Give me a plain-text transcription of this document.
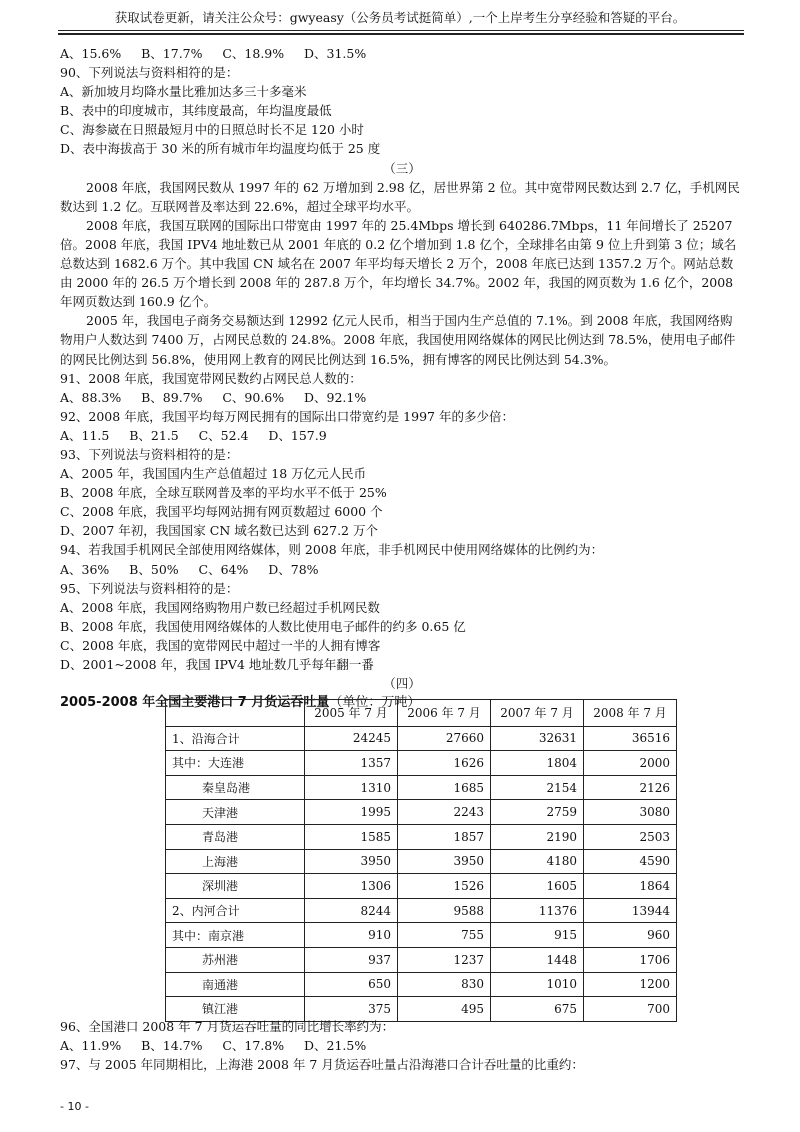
获取试卷更新，请关注公众号：gwyeasy（公务员考试挺简单）,一个上岸考生分享经验和答疑的平台。
A、15.6%     B、17.7%     C、18.9%     D、31.5%
90、下列说法与资料相符的是：
A、新加坡月均降水量比雅加达多三十多毫米
B、表中的印度城市，其纬度最高，年均温度最低
C、海参崴在日照最短月中的日照总时长不足 120 小时
D、表中海拔高于 30 米的所有城市年均温度均低于 25 度
（三）
2008 年底，我国网民数从 1997 年的 62 万增加到 2.98 亿，居世界第 2 位。其中宽带网民数达到 2.7 亿，手机网民数达到 1.2 亿。互联网普及率达到 22.6%，超过全球平均水平。
2008 年底，我国互联网的国际出口带宽由 1997 年的 25.4Mbps 增长到 640286.7Mbps，11 年间增长了 25207 倍。2008 年底，我国 IPV4 地址数已从 2001 年底的 0.2 亿个增加到 1.8 亿个，全球排名由第 9 位上升到第 3 位；域名总数达到 1682.6 万个。其中我国 CN 域名在 2007 年平均每天增长 2 万个，2008 年底已达到 1357.2 万个。网站总数由 2000 年的 26.5 万个增长到 2008 年的 287.8 万个，年均增长 34.7%。2002 年，我国的网页数为 1.6 亿个，2008 年网页数达到 160.9 亿个。
2005 年，我国电子商务交易额达到 12992 亿元人民币，相当于国内生产总值的 7.1%。到 2008 年底，我国网络购物用户人数达到 7400 万，占网民总数的 24.8%。2008 年底，我国使用网络媒体的网民比例达到 78.5%，使用电子邮件的网民比例达到 56.8%，使用网上教育的网民比例达到 16.5%，拥有博客的网民比例达到 54.3%。
91、2008 年底，我国宽带网民数约占网民总人数的：
A、88.3%     B、89.7%     C、90.6%     D、92.1%
92、2008 年底，我国平均每万网民拥有的国际出口带宽约是 1997 年的多少倍：
A、11.5     B、21.5     C、52.4     D、157.9
93、下列说法与资料相符的是：
A、2005 年，我国国内生产总值超过 18 万亿元人民币
B、2008 年底，全球互联网普及率的平均水平不低于 25%
C、2008 年底，我国平均每网站拥有网页数超过 6000 个
D、2007 年初，我国国家 CN 域名数已达到 627.2 万个
94、若我国手机网民全部使用网络媒体，则 2008 年底，非手机网民中使用网络媒体的比例约为：
A、36%     B、50%     C、64%     D、78%
95、下列说法与资料相符的是：
A、2008 年底，我国网络购物用户数已经超过手机网民数
B、2008 年底，我国使用网络媒体的人数比使用电子邮件的约多 0.65 亿
C、2008 年底，我国的宽带网民中超过一半的人拥有博客
D、2001~2008 年，我国 IPV4 地址数几乎每年翻一番
（四）
2005-2008 年全国主要港口 7 月货运吞吐量（单位：万吨）
	2005 年 7 月	2006 年 7 月	2007 年 7 月	2008 年 7 月
1、沿海合计	24245	27660	32631	36516
其中：大连港	1357	1626	1804	2000
秦皇岛港	1310	1685	2154	2126
天津港	1995	2243	2759	3080
青岛港	1585	1857	2190	2503
上海港	3950	3950	4180	4590
深圳港	1306	1526	1605	1864
2、内河合计	8244	9588	11376	13944
其中：南京港	910	755	915	960
苏州港	937	1237	1448	1706
南通港	650	830	1010	1200
镇江港	375	495	675	700
96、全国港口 2008 年 7 月货运吞吐量的同比增长率约为：
A、11.9%     B、14.7%     C、17.8%     D、21.5%
97、与 2005 年同期相比，上海港 2008 年 7 月货运吞吐量占沿海港口合计吞吐量的比重约：
- 10 -
